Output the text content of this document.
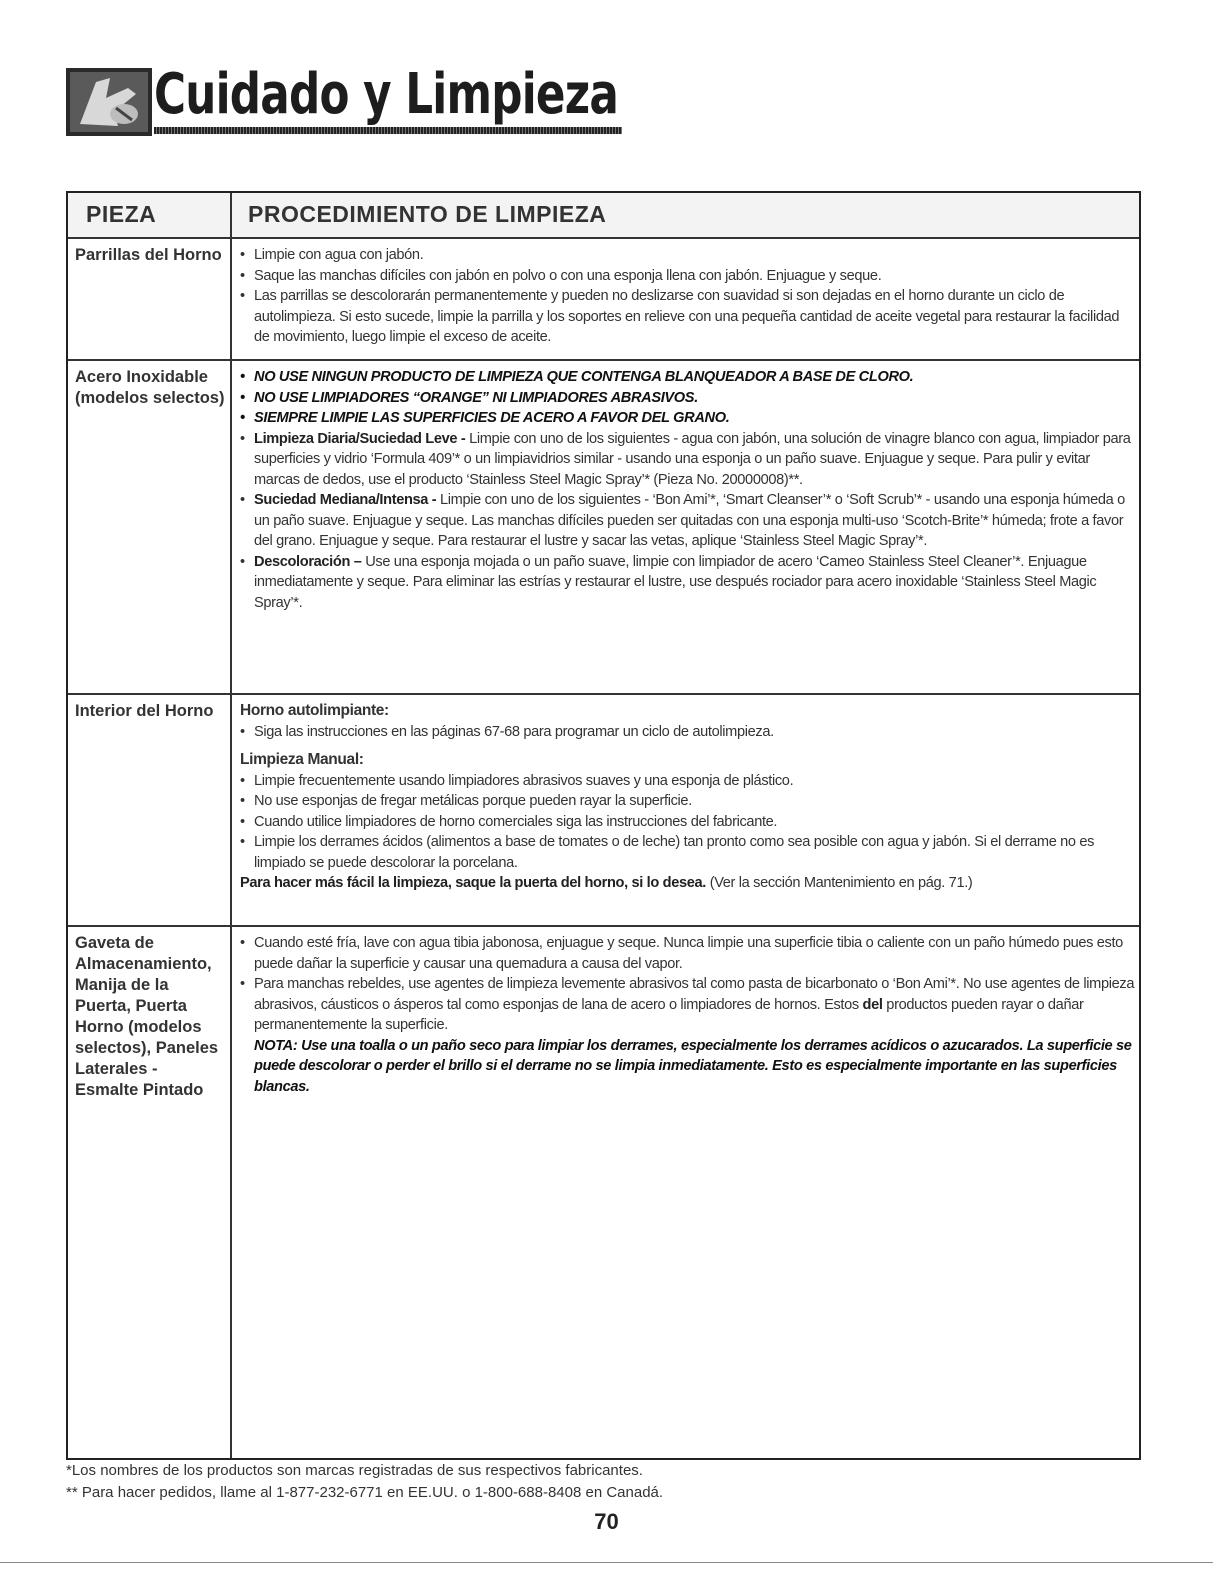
Cuidado y Limpieza
PIEZA	PROCEDIMIENTO DE LIMPIEZA
Parrillas del Horno

•	Limpie con agua con jabón.

• Saque las manchas difíciles con jabón en polvo o con una esponja llena con jabón. Enjuague y seque.

• Las parrillas se descolorarán permanentemente y pueden no deslizarse con suavidad si son dejadas en el horno durante un ciclo de autolimpieza. Si esto sucede, limpie la parrilla y los soportes en relieve con una pequeña cantidad de aceite vegetal para restaurar la facilidad de movimiento, luego limpie el exceso de aceite.

Acero Inoxidable (modelos selectos)

• NO USE NINGUN PRODUCTO DE LIMPIEZA QUE CONTENGA BLANQUEADOR A BASE DE CLORO.

• NO USE LIMPIADORES “ORANGE” NI LIMPIADORES ABRASIVOS.

• SIEMPRE LIMPIE LAS SUPERFICIES DE ACERO A FAVOR DEL GRANO.

• Limpieza Diaria/Suciedad Leve - Limpie con uno de los siguientes - agua con jabón, una solución de vinagre blanco con agua, limpiador para superficies y vidrio ‘Formula 409’* o un limpiavidrios similar - usando una esponja o un paño suave. Enjuague y seque. Para pulir y evitar marcas de dedos, use el producto ‘Stainless Steel Magic Spray’* (Pieza No. 20000008)**.

• Suciedad Mediana/Intensa - Limpie con uno de los siguientes - ‘Bon Ami’*, ‘Smart Cleanser’* o ‘Soft Scrub’* - usando una esponja húmeda o un paño suave. Enjuague y seque. Las manchas difíciles pueden ser quitadas con una esponja multi-uso ‘Scotch-Brite’* húmeda; frote a favor del grano. Enjuague y seque. Para restaurar el lustre y sacar las vetas, aplique ‘Stainless Steel Magic Spray’*.

• Descoloración – Use una esponja mojada o un paño suave, limpie con limpiador de acero ‘Cameo Stainless Steel Cleaner’*. Enjuague inmediatamente y seque. Para eliminar las estrías y restaurar el lustre, use después rociador para acero inoxidable ‘Stainless Steel Magic Spray’*.

Interior del Horno	Horno autolimpiante:

• Siga las instrucciones en las páginas 67-68 para programar un ciclo de autolimpieza.

Limpieza Manual:

• Limpie frecuentemente usando limpiadores abrasivos suaves y una esponja de plástico.

• No use esponjas de fregar metálicas porque pueden rayar la superficie.

• Cuando utilice limpiadores de horno comerciales siga las instrucciones del fabricante.

• Limpie los derrames ácidos (alimentos a base de tomates o de leche) tan pronto como sea posible con agua y jabón. Si el derrame no es limpiado se puede descolorar la porcelana.

Para hacer más fácil la limpieza, saque la puerta del horno, si lo desea. (Ver la sección Mantenimiento en pág. 71.)

Gaveta de Almacenamiento, Manija de la Puerta, Puerta Horno (modelos selectos), Paneles Laterales - Esmalte Pintado

• Cuando esté fría, lave con agua tibia jabonosa, enjuague y seque. Nunca limpie una superficie tibia o caliente con un paño húmedo pues esto puede dañar la superficie y causar una quemadura a causa del vapor.

• Para manchas rebeldes, use agentes de limpieza levemente abrasivos tal como pasta de bicarbonato o ‘Bon Ami’*. No use agentes de limpieza abrasivos, cáusticos o ásperos tal como esponjas de lana de acero o limpiadores de hornos. Estos del productos pueden rayar o dañar permanentemente la superficie.

NOTA: Use una toalla o un paño seco para limpiar los derrames, especialmente los derrames acídicos o azucarados. La superficie se puede descolorar o perder el brillo si el derrame no se limpia inmediatamente. Esto es especialmente importante en las superficies blancas.

*Los nombres de los productos son marcas registradas de sus respectivos fabricantes.

** Para hacer pedidos, llame al 1-877-232-6771 en EE.UU. o 1-800-688-8408 en Canadá.

70
